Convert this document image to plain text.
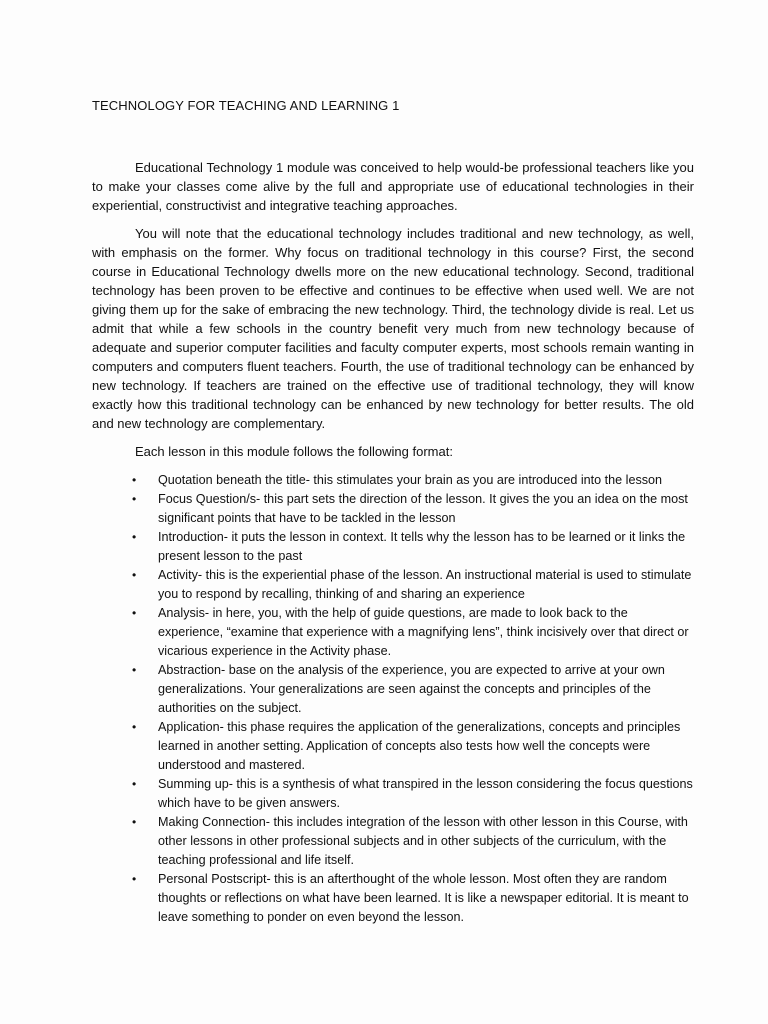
TECHNOLOGY FOR TEACHING AND LEARNING 1

Educational Technology 1 module was conceived to help would-be professional teachers like you to make your classes come alive by the full and appropriate use of educational technologies in their experiential, constructivist and integrative teaching approaches.

You will note that the educational technology includes traditional and new technology, as well, with emphasis on the former. Why focus on traditional technology in this course? First, the second course in Educational Technology dwells more on the new educational technology. Second, traditional technology has been proven to be effective and continues to be effective when used well. We are not giving them up for the sake of embracing the new technology. Third, the technology divide is real. Let us admit that while a few schools in the country benefit very much from new technology because of adequate and superior computer facilities and faculty computer experts, most schools remain wanting in computers and computers fluent teachers. Fourth, the use of traditional technology can be enhanced by new technology. If teachers are trained on the effective use of traditional technology, they will know exactly how this traditional technology can be enhanced by new technology for better results. The old and new technology are complementary.

Each lesson in this module follows the following format:

• Quotation beneath the title- this stimulates your brain as you are introduced into the lesson
• Focus Question/s- this part sets the direction of the lesson. It gives the you an idea on the most significant points that have to be tackled in the lesson
• Introduction- it puts the lesson in context. It tells why the lesson has to be learned or it links the present lesson to the past
• Activity- this is the experiential phase of the lesson. An instructional material is used to stimulate you to respond by recalling, thinking of and sharing an experience
• Analysis- in here, you, with the help of guide questions, are made to look back to the experience, “examine that experience with a magnifying lens”, think incisively over that direct or vicarious experience in the Activity phase.
• Abstraction- base on the analysis of the experience, you are expected to arrive at your own generalizations. Your generalizations are seen against the concepts and principles of the authorities on the subject.
• Application- this phase requires the application of the generalizations, concepts and principles learned in another setting. Application of concepts also tests how well the concepts were understood and mastered.
• Summing up- this is a synthesis of what transpired in the lesson considering the focus questions which have to be given answers.
• Making Connection- this includes integration of the lesson with other lesson in this Course, with other lessons in other professional subjects and in other subjects of the curriculum, with the teaching professional and life itself.
• Personal Postscript- this is an afterthought of the whole lesson. Most often they are random thoughts or reflections on what have been learned. It is like a newspaper editorial. It is meant to leave something to ponder on even beyond the lesson.
